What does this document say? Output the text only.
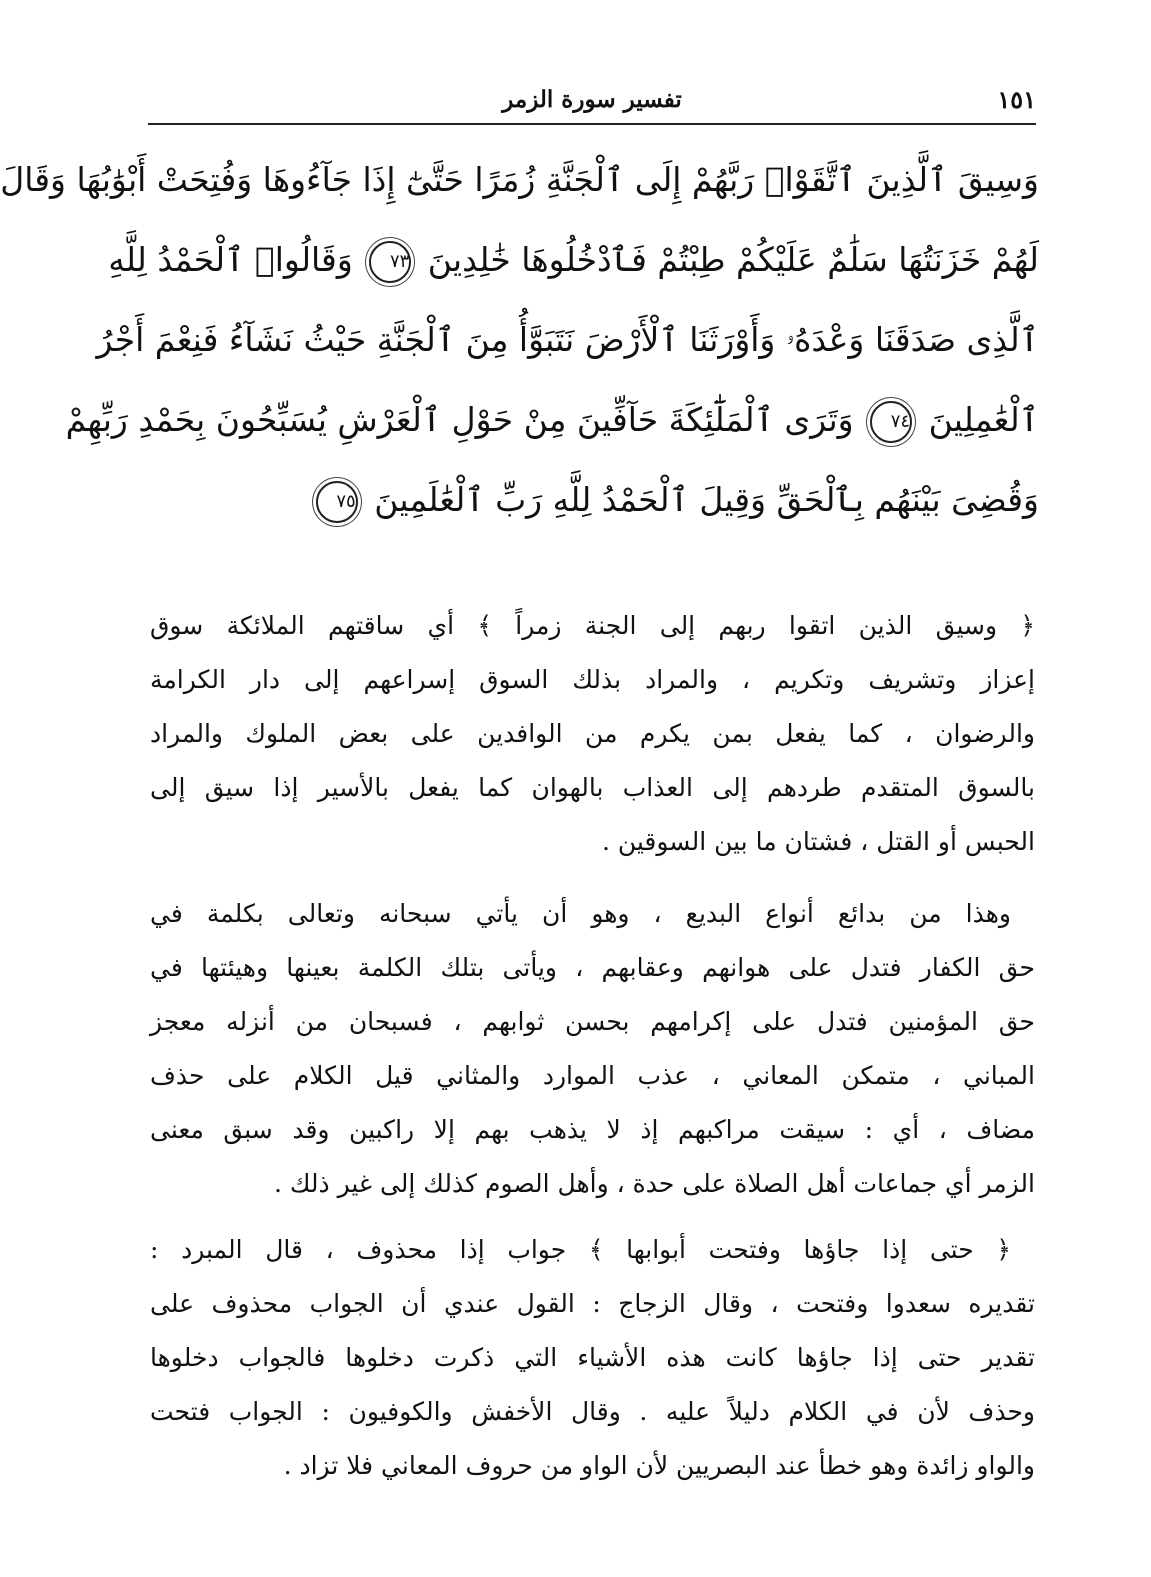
تفسير سورة الزمر	١٥١
وَسِيقَ ٱلَّذِينَ ٱتَّقَوْا۟ رَبَّهُمْ إِلَى ٱلْجَنَّةِ زُمَرًا حَتَّىٰٓ إِذَا جَآءُوهَا وَفُتِحَتْ أَبْوَٰبُهَا وَقَالَ
لَهُمْ خَزَنَتُهَا سَلَٰمٌ عَلَيْكُمْ طِبْتُمْ فَٱدْخُلُوهَا خَٰلِدِينَ ٧٣ وَقَالُوا۟ ٱلْحَمْدُ لِلَّهِ
ٱلَّذِى صَدَقَنَا وَعْدَهُۥ وَأَوْرَثَنَا ٱلْأَرْضَ نَتَبَوَّأُ مِنَ ٱلْجَنَّةِ حَيْثُ نَشَآءُ فَنِعْمَ أَجْرُ
ٱلْعَٰمِلِينَ ٧٤ وَتَرَى ٱلْمَلَٰٓئِكَةَ حَآفِّينَ مِنْ حَوْلِ ٱلْعَرْشِ يُسَبِّحُونَ بِحَمْدِ رَبِّهِمْ
وَقُضِىَ بَيْنَهُم بِٱلْحَقِّ وَقِيلَ ٱلْحَمْدُ لِلَّهِ رَبِّ ٱلْعَٰلَمِينَ ٧٥
﴿ وسيق الذين اتقوا ربهم إلى الجنة زمراً ﴾ أي ساقتهم الملائكة سوق
إعزاز وتشريف وتكريم ، والمراد بذلك السوق إسراعهم إلى دار الكرامة
والرضوان ، كما يفعل بمن يكرم من الوافدين على بعض الملوك والمراد
بالسوق المتقدم طردهم إلى العذاب بالهوان كما يفعل بالأسير إذا سيق إلى
الحبس أو القتل ، فشتان ما بين السوقين .
وهذا من بدائع أنواع البديع ، وهو أن يأتي سبحانه وتعالى بكلمة في
حق الكفار فتدل على هوانهم وعقابهم ، ويأتى بتلك الكلمة بعينها وهيئتها في
حق المؤمنين فتدل على إكرامهم بحسن ثوابهم ، فسبحان من أنزله معجز
المباني ، متمكن المعاني ، عذب الموارد والمثاني قيل الكلام على حذف
مضاف ، أي : سيقت مراكبهم إذ لا يذهب بهم إلا راكبين وقد سبق معنى
الزمر أي جماعات أهل الصلاة على حدة ، وأهل الصوم كذلك إلى غير ذلك .
﴿ حتى إذا جاؤها وفتحت أبوابها ﴾ جواب إذا محذوف ، قال المبرد :
تقديره سعدوا وفتحت ، وقال الزجاج : القول عندي أن الجواب محذوف على
تقدير حتى إذا جاؤها كانت هذه الأشياء التي ذكرت دخلوها فالجواب دخلوها
وحذف لأن في الكلام دليلاً عليه . وقال الأخفش والكوفيون : الجواب فتحت
والواو زائدة وهو خطأ عند البصريين لأن الواو من حروف المعاني فلا تزاد .
